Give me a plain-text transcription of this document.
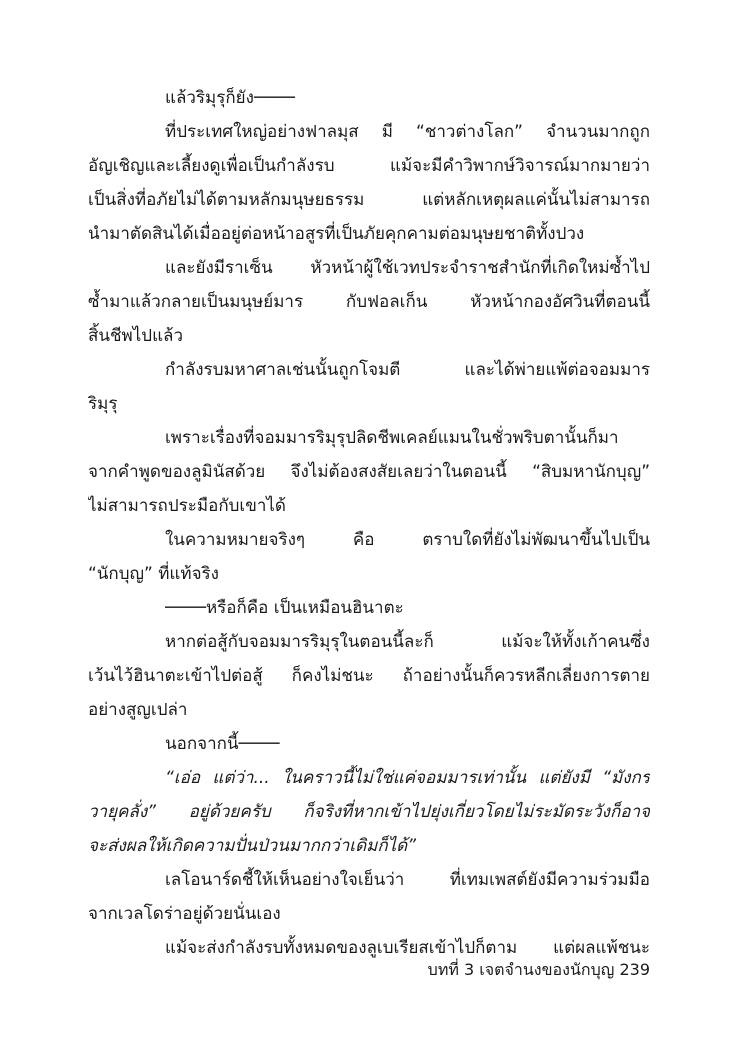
แล้วริมุรุก็ยัง────
ที่ประเทศใหญ่อย่างฟาลมุส มี “ชาวต่างโลก” จำนวนมากถูก
อัญเชิญและเลี้ยงดูเพื่อเป็นกำลังรบ แม้จะมีคำวิพากษ์วิจารณ์มากมายว่า
เป็นสิ่งที่อภัยไม่ได้ตามหลักมนุษยธรรม แต่หลักเหตุผลแค่นั้นไม่สามารถ
นำมาตัดสินได้เมื่ออยู่ต่อหน้าอสูรที่เป็นภัยคุกคามต่อมนุษยชาติทั้งปวง
และยังมีราเซ็น หัวหน้าผู้ใช้เวทประจำราชสำนักที่เกิดใหม่ซ้ำไป
ซ้ำมาแล้วกลายเป็นมนุษย์มาร กับฟอลเก็น หัวหน้ากองอัศวินที่ตอนนี้
สิ้นชีพไปแล้ว
กำลังรบมหาศาลเช่นนั้นถูกโจมตี และได้พ่ายแพ้ต่อจอมมาร
ริมุรุ
เพราะเรื่องที่จอมมารริมุรุปลิดชีพเคลย์แมนในชั่วพริบตานั้นก็มา
จากคำพูดของลูมินัสด้วย จึงไม่ต้องสงสัยเลยว่าในตอนนี้ “สิบมหานักบุญ”
ไม่สามารถประมือกับเขาได้
ในความหมายจริงๆ คือ ตราบใดที่ยังไม่พัฒนาขึ้นไปเป็น
“นักบุญ” ที่แท้จริง
────หรือก็คือ เป็นเหมือนฮินาตะ
หากต่อสู้กับจอมมารริมุรุในตอนนี้ละก็ แม้จะให้ทั้งเก้าคนซึ่ง
เว้นไว้ฮินาตะเข้าไปต่อสู้ ก็คงไม่ชนะ ถ้าอย่างนั้นก็ควรหลีกเลี่ยงการตาย
อย่างสูญเปล่า
นอกจากนี้────
“เอ่อ แต่ว่า... ในคราวนี้ไม่ใช่แค่จอมมารเท่านั้น แต่ยังมี “มังกร
วายุคลั่ง” อยู่ด้วยครับ ก็จริงที่หากเข้าไปยุ่งเกี่ยวโดยไม่ระมัดระวังก็อาจ
จะส่งผลให้เกิดความปั่นป่วนมากกว่าเดิมก็ได้”
เลโอนาร์ดชี้ให้เห็นอย่างใจเย็นว่า ที่เทมเพสต์ยังมีความร่วมมือ
จากเวลโดร่าอยู่ด้วยนั่นเอง
แม้จะส่งกำลังรบทั้งหมดของลูเบเรียสเข้าไปก็ตาม แต่ผลแพ้ชนะ
บทที่ 3 เจตจำนงของนักบุญ 239
